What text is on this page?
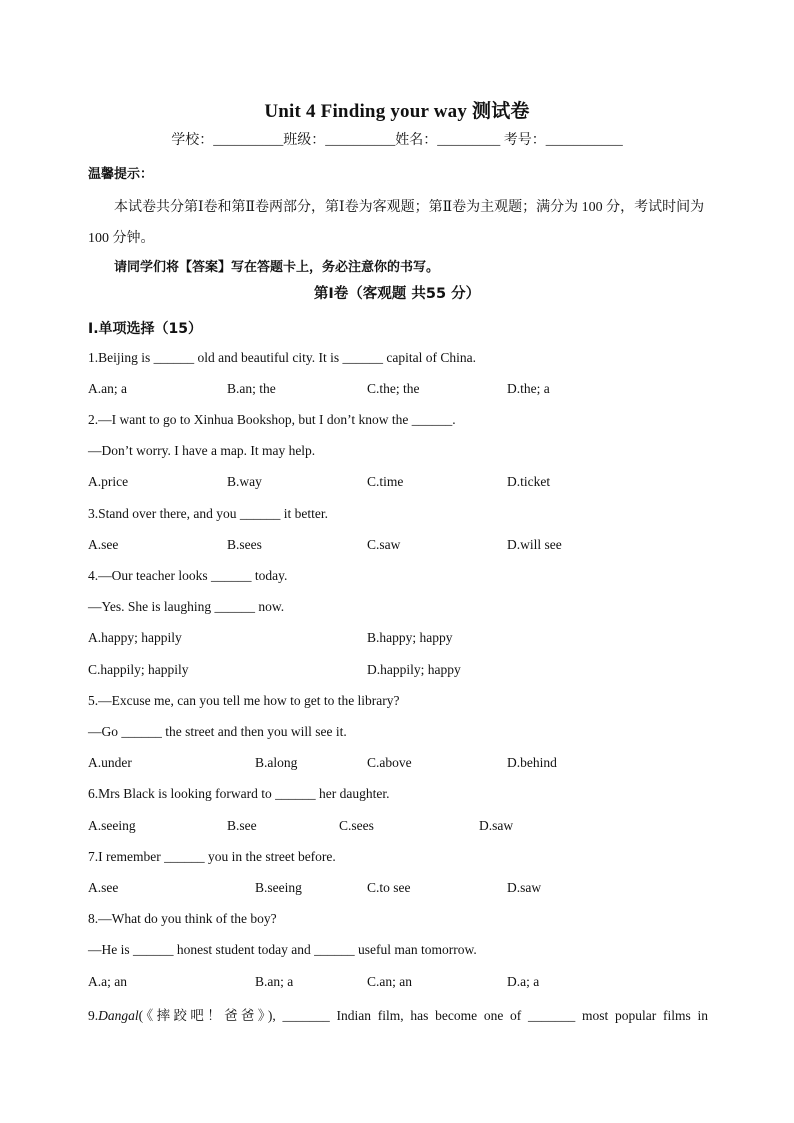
Unit 4 Finding your way 测试卷
学校：__________班级：__________姓名：_________ 考号：___________
温馨提示：
本试卷共分第Ⅰ卷和第Ⅱ卷两部分，第Ⅰ卷为客观题；第Ⅱ卷为主观题；满分为 100 分，考试时间为 100 分钟。
请同学们将【答案】写在答题卡上，务必注意你的书写。
第Ⅰ卷（客观题 共55 分）
Ⅰ.单项选择（15）
1.Beijing is ______ old and beautiful city. It is ______ capital of China.
A.an; a	B.an; the	C.the; the	D.the; a
2.—I want to go to Xinhua Bookshop, but I don’t know the ______.
—Don’t worry. I have a map. It may help.
A.price	B.way	C.time	D.ticket
3.Stand over there, and you ______ it better.
A.see	B.sees	C.saw	D.will see
4.—Our teacher looks ______ today.
—Yes. She is laughing ______ now.
A.happy; happily	B.happy; happy
C.happily; happily	D.happily; happy
5.—Excuse me, can you tell me how to get to the library?
—Go ______ the street and then you will see it.
A.under	B.along	C.above	D.behind
6.Mrs Black is looking forward to ______ her daughter.
A.seeing	B.see	C.sees	D.saw
7.I remember ______ you in the street before.
A.see	B.seeing	C.to see	D.saw
8.—What do you think of the boy?
—He is ______ honest student today and ______ useful man tomorrow.
A.a; an	B.an; a	C.an; an	D.a; a
9.Dangal(《摔跤吧！爸爸》), _______ Indian film, has become one of _______ most popular films in
